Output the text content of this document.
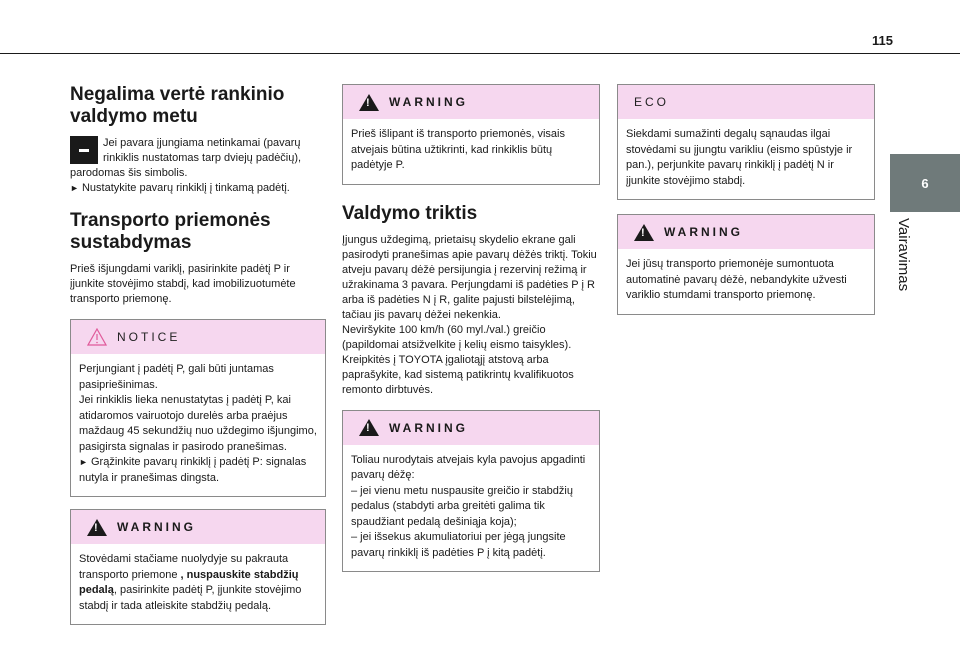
115
6
Vairavimas
Negalima vertė rankinio valdymo metu

Jei pavara įjungiama netinkamai (pavarų rinkiklis nustatomas tarp dviejų padėčių), parodomas šis simbolis.

► Nustatykite pavarų rinkiklį į tinkamą padėtį.

Transporto priemonės sustabdymas

Prieš išjungdami variklį, pasirinkite padėtį P ir įjunkite stovėjimo stabdį, kad imobilizuotumėte transporto priemonę.

NOTICE

Perjungiant į padėtį P, gali būti juntamas pasipriešinimas.

Jei rinkiklis lieka nenustatytas į padėtį P, kai atidaromos vairuotojo durelės arba praėjus maždaug 45 sekundžių nuo uždegimo išjungimo, pasigirsta signalas ir pasirodo pranešimas.

► Grąžinkite pavarų rinkiklį į padėtį P: signalas nutyla ir pranešimas dingsta.

!
WARNING

Stovėdami stačiame nuolydyje su pakrauta transporto priemone , nuspauskite stabdžių pedalą, pasirinkite padėtį P, įjunkite stovėjimo stabdį ir tada atleiskite stabdžių pedalą.

!
WARNING

Prieš išlipant iš transporto priemonės, visais atvejais būtina užtikrinti, kad rinkiklis būtų padėtyje P.

Valdymo triktis

Įjungus uždegimą, prietaisų skydelio ekrane gali pasirodyti pranešimas apie pavarų dėžės triktį. Tokiu atveju pavarų dėžė persijungia į rezervinį režimą ir užrakinama 3 pavara. Perjungdami iš padėties P į R arba iš padėties N į R, galite pajusti bilstelėjimą, tačiau jis pavarų dėžei nekenkia.

Neviršykite 100 km/h (60 myl./val.) greičio (papildomai atsižvelkite į kelių eismo taisykles).

Kreipkitės į TOYOTA įgaliotąjį atstovą arba paprašykite, kad sistemą patikrintų kvalifikuotos remonto dirbtuvės.

!
WARNING

Toliau nurodytais atvejais kyla pavojus apgadinti pavarų dėžę:

– jei vienu metu nuspausite greičio ir stabdžių pedalus (stabdyti arba greitėti galima tik spaudžiant pedalą dešiniąja koja);

– jei išsekus akumuliatoriui per jėgą jungsite pavarų rinkiklį iš padėties P į kitą padėtį.

ECO

Siekdami sumažinti degalų sąnaudas ilgai stovėdami su įjungtu varikliu (eismo spūstyje ir pan.), perjunkite pavarų rinkiklį į padėtį N ir įjunkite stovėjimo stabdį.

!
WARNING

Jei jūsų transporto priemonėje sumontuota automatinė pavarų dėžė, nebandykite užvesti variklio stumdami transporto priemonę.
